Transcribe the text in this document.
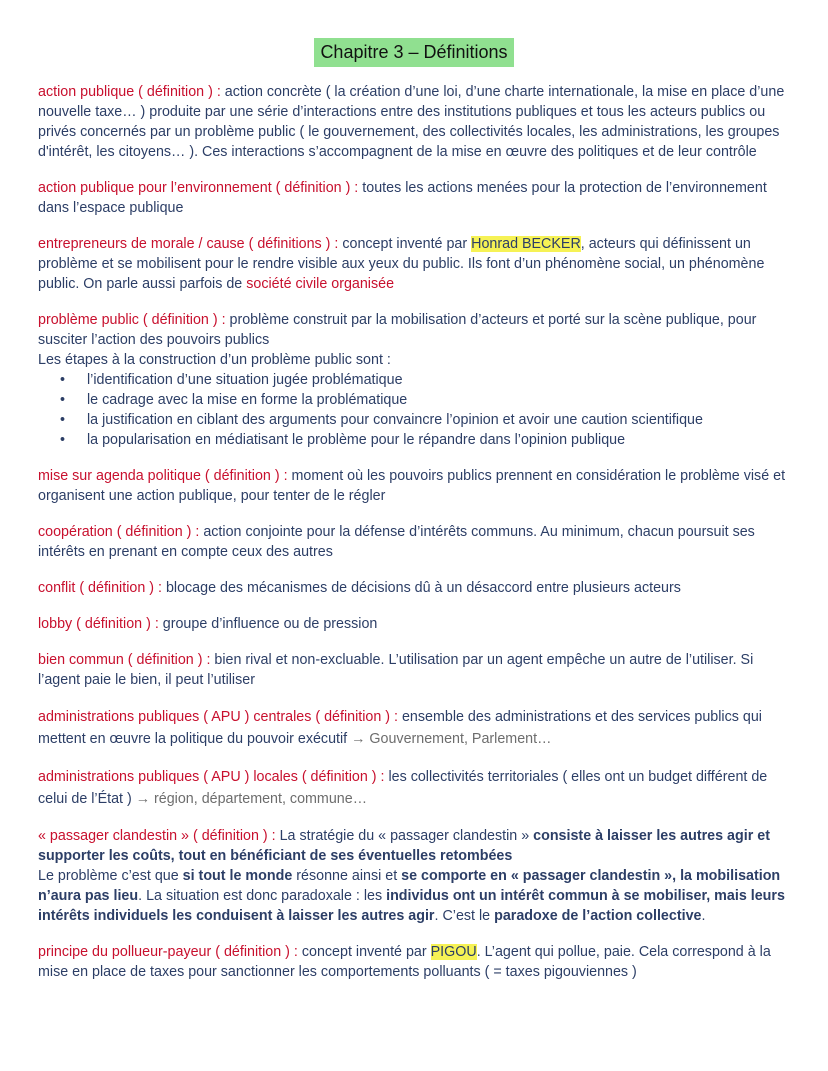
Chapitre 3 – Définitions

action publique ( définition ) : action concrète ( la création d’une loi, d’une charte internationale, la mise en place d’une nouvelle taxe… ) produite par une série d’interactions entre des institutions publiques et tous les acteurs publics ou privés concernés par un problème public ( le gouvernement, des collectivités locales, les administrations, les groupes d'intérêt, les citoyens… ). Ces interactions s’accompagnent de la mise en œuvre des politiques et de leur contrôle

action publique pour l’environnement ( définition ) : toutes les actions menées pour la protection de l’environnement dans l’espace publique

entrepreneurs de morale / cause ( définitions ) : concept inventé par Honrad BECKER, acteurs qui définissent un problème et se mobilisent pour le rendre visible aux yeux du public. Ils font d’un phénomène social, un phénomène public. On parle aussi parfois de société civile organisée

problème public ( définition ) : problème construit par la mobilisation d’acteurs et porté sur la scène publique, pour susciter l’action des pouvoirs publics
Les étapes à la construction d’un problème public sont :
• l’identification d’une situation jugée problématique
• le cadrage avec la mise en forme la problématique
• la justification en ciblant des arguments pour convaincre l’opinion et avoir une caution scientifique
• la popularisation en médiatisant le problème pour le répandre dans l’opinion publique

mise sur agenda politique ( définition ) : moment où les pouvoirs publics prennent en considération le problème visé et organisent une action publique, pour tenter de le régler

coopération ( définition ) : action conjointe pour la défense d’intérêts communs. Au minimum, chacun poursuit ses intérêts en prenant en compte ceux des autres

conflit ( définition ) : blocage des mécanismes de décisions dû à un désaccord entre plusieurs acteurs

lobby ( définition ) : groupe d’influence ou de pression

bien commun ( définition ) : bien rival et non-excluable. L’utilisation par un agent empêche un autre de l’utiliser. Si l’agent paie le bien, il peut l’utiliser

administrations publiques ( APU ) centrales ( définition ) : ensemble des administrations et des services publics qui mettent en œuvre la politique du pouvoir exécutif → Gouvernement, Parlement…

administrations publiques ( APU ) locales ( définition ) : les collectivités territoriales ( elles ont un budget différent de celui de l’État ) → région, département, commune…

« passager clandestin » ( définition ) : La stratégie du « passager clandestin » consiste à laisser les autres agir et supporter les coûts, tout en bénéficiant de ses éventuelles retombées
Le problème c’est que si tout le monde résonne ainsi et se comporte en « passager clandestin », la mobilisation n’aura pas lieu. La situation est donc paradoxale : les individus ont un intérêt commun à se mobiliser, mais leurs intérêts individuels les conduisent à laisser les autres agir. C’est le paradoxe de l’action collective.

principe du pollueur-payeur ( définition ) : concept inventé par PIGOU. L’agent qui pollue, paie. Cela correspond à la mise en place de taxes pour sanctionner les comportements polluants ( = taxes pigouviennes )
